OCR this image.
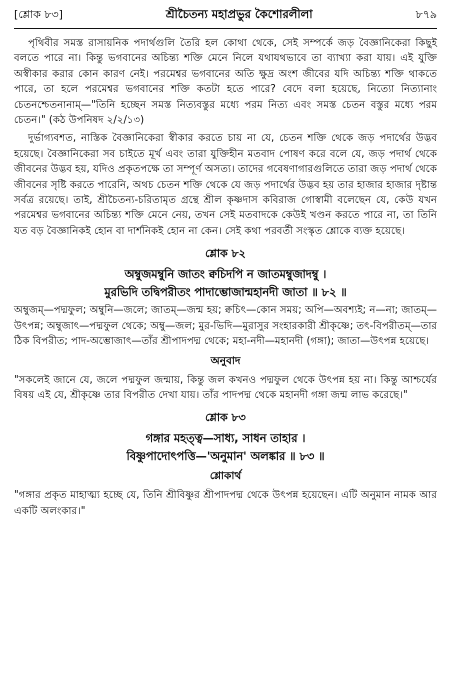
[শ্লোক ৮৩]	শ্রীচৈতন্য মহাপ্রভুর কৈশোরলীলা	৮৭৯

পৃথিবীর সমস্ত রাসায়নিক পদার্থগুলি তৈরি হল কোথা থেকে, সেই সম্পর্কে জড় বৈজ্ঞানিকেরা কিছুই বলতে পারে না। কিন্তু ভগবানের অচিন্ত্য শক্তি মেনে নিলে যথাযথভাবে তা ব্যাখ্যা করা যায়। এই যুক্তি অস্বীকার করার কোন কারণ নেই। পরমেশ্বর ভগবানের অতি ক্ষুদ্র অংশ জীবের যদি অচিন্ত্য শক্তি থাকতে পারে, তা হলে পরমেশ্বর ভগবানের শক্তি কতটা হতে পারে? বেদে বলা হয়েছে, নিত্যো নিত্যানাং চেতনশ্চেতনানাম্—"তিনি হচ্ছেন সমস্ত নিত্যবস্তুর মধ্যে পরম নিত্য এবং সমস্ত চেতন বস্তুর মধ্যে পরম চেতন।" (কঠ উপনিষদ ২/২/১৩)

দুর্ভাগ্যবশত, নাস্তিক বৈজ্ঞানিকেরা স্বীকার করতে চায় না যে, চেতন শক্তি থেকে জড় পদার্থের উদ্ভব হয়েছে। বৈজ্ঞানিকেরা সব চাইতে মূর্খ এবং তারা যুক্তিহীন মতবাদ পোষণ করে বলে যে, জড় পদার্থ থেকে জীবনের উদ্ভব হয়, যদিও প্রকৃতপক্ষে তা সম্পূর্ণ অসত্য। তাদের গবেষণাগারগুলিতে তারা জড় পদার্থ থেকে জীবনের সৃষ্টি করতে পারেনি, অথচ চেতন শক্তি থেকে যে জড় পদার্থের উদ্ভব হয় তার হাজার হাজার দৃষ্টান্ত সর্বত্র রয়েছে। তাই, শ্রীচৈতন্য-চরিতামৃত গ্রন্থে শ্রীল কৃষ্ণদাস কবিরাজ গোস্বামী বলেছেন যে, কেউ যখন পরমেশ্বর ভগবানের অচিন্ত্য শক্তি মেনে নেয়, তখন সেই মতবাদকে কেউই খণ্ডন করতে পারে না, তা তিনি যত বড় বৈজ্ঞানিকই হোন বা দার্শনিকই হোন না কেন। সেই কথা পরবর্তী সংস্কৃত শ্লোকে ব্যক্ত হয়েছে।

শ্লোক ৮২
অম্বুজমম্বুনি জাতং ক্বচিদপি ন জাতমম্বুজাদম্বু ।
মুরভিদি তদ্বিপরীতং পাদাম্ভোজান্মহানদী জাতা ॥ ৮২ ॥

অম্বুজম্—পদ্মফুল; অম্বুনি—জলে; জাতম্—জন্ম হয়; ক্বচিৎ—কোন সময়; অপি—অবশ্যই; ন—না; জাতম্—উৎপন্ন; অম্বুজাৎ—পদ্মফুল থেকে; অম্বু—জল; মুর-ভিদি—মুরাসুর সংহারকারী শ্রীকৃষ্ণে; তৎ-বিপরীতম্—তার ঠিক বিপরীত; পাদ-অম্ভোজাৎ—তাঁর শ্রীপাদপদ্ম থেকে; মহা-নদী—মহানদী (গঙ্গা); জাতা—উৎপন্ন হয়েছে।

অনুবাদ

"সকলেই জানে যে, জলে পদ্মফুল জন্মায়, কিন্তু জল কখনও পদ্মফুল থেকে উৎপন্ন হয় না। কিন্তু আশ্চর্যের বিষয় এই যে, শ্রীকৃষ্ণে তার বিপরীত দেখা যায়। তাঁর পাদপদ্ম থেকে মহানদী গঙ্গা জন্ম লাভ করেছে।"

শ্লোক ৮৩
গঙ্গার মহত্ত্ব—সাধ্য, সাধন তাহার ।
বিষ্ণুপাদোৎপত্তি—'অনুমান' অলঙ্কার ॥ ৮৩ ॥
শ্লোকার্থ

"গঙ্গার প্রকৃত মাহাত্ম্য হচ্ছে যে, তিনি শ্রীবিষ্ণুর শ্রীপাদপদ্ম থেকে উৎপন্ন হয়েছেন। এটি অনুমান নামক আর একটি অলংকার।"
